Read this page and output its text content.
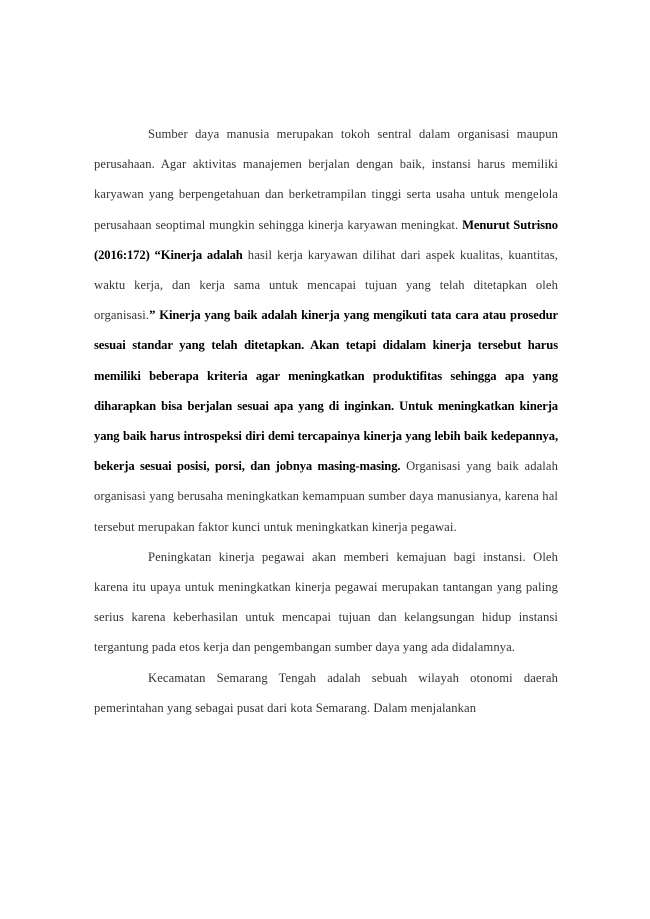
Sumber daya manusia merupakan tokoh sentral dalam organisasi maupun perusahaan. Agar aktivitas manajemen berjalan dengan baik, instansi harus memiliki karyawan yang berpengetahuan dan berketrampilan tinggi serta usaha untuk mengelola perusahaan seoptimal mungkin sehingga kinerja karyawan meningkat. Menurut Sutrisno (2016:172) “Kinerja adalah hasil kerja karyawan dilihat dari aspek kualitas, kuantitas, waktu kerja, dan kerja sama untuk mencapai tujuan yang telah ditetapkan oleh organisasi.” Kinerja yang baik adalah kinerja yang mengikuti tata cara atau prosedur sesuai standar yang telah ditetapkan. Akan tetapi didalam kinerja tersebut harus memiliki beberapa kriteria agar meningkatkan produktifitas sehingga apa yang diharapkan bisa berjalan sesuai apa yang di inginkan. Untuk meningkatkan kinerja yang baik harus introspeksi diri demi tercapainya kinerja yang lebih baik kedepannya, bekerja sesuai posisi, porsi, dan jobnya masing-masing. Organisasi yang baik adalah organisasi yang berusaha meningkatkan kemampuan sumber daya manusianya, karena hal tersebut merupakan faktor kunci untuk meningkatkan kinerja pegawai.

Peningkatan kinerja pegawai akan memberi kemajuan bagi instansi. Oleh karena itu upaya untuk meningkatkan kinerja pegawai merupakan tantangan yang paling serius karena keberhasilan untuk mencapai tujuan dan kelangsungan hidup instansi tergantung pada etos kerja dan pengembangan sumber daya yang ada didalamnya.

Kecamatan Semarang Tengah adalah sebuah wilayah otonomi daerah pemerintahan yang sebagai pusat dari kota Semarang. Dalam menjalankan
